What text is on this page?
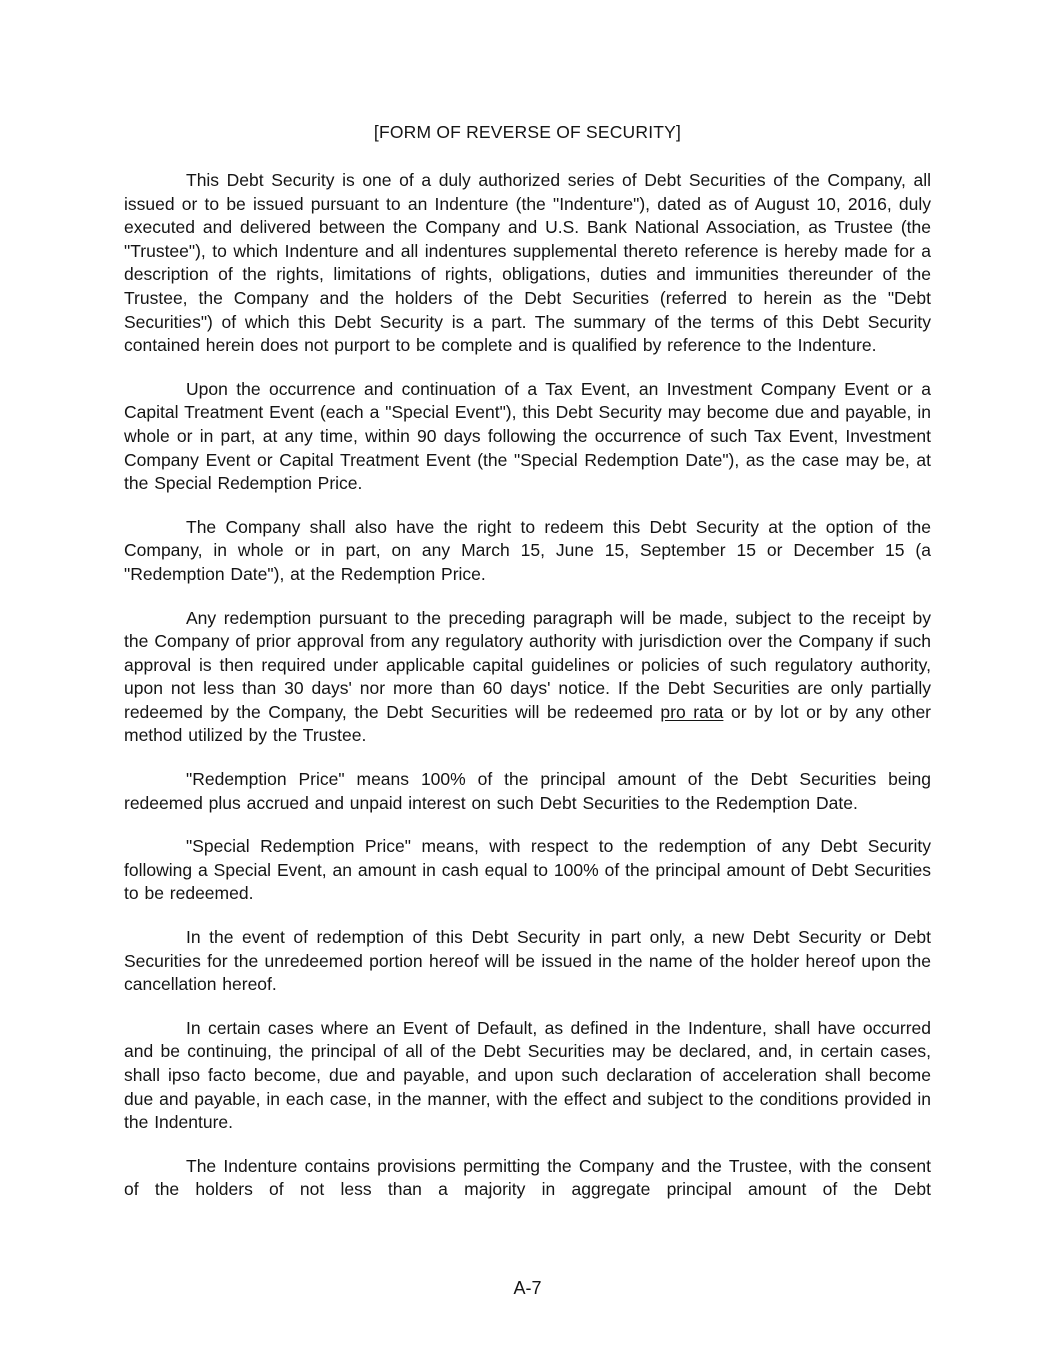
[FORM OF REVERSE OF SECURITY]

This Debt Security is one of a duly authorized series of Debt Securities of the Company, all issued or to be issued pursuant to an Indenture (the "Indenture"), dated as of August 10, 2016, duly executed and delivered between the Company and U.S. Bank National Association, as Trustee (the "Trustee"), to which Indenture and all indentures supplemental thereto reference is hereby made for a description of the rights, limitations of rights, obligations, duties and immunities thereunder of the Trustee, the Company and the holders of the Debt Securities (referred to herein as the "Debt Securities") of which this Debt Security is a part. The summary of the terms of this Debt Security contained herein does not purport to be complete and is qualified by reference to the Indenture.

Upon the occurrence and continuation of a Tax Event, an Investment Company Event or a Capital Treatment Event (each a "Special Event"), this Debt Security may become due and payable, in whole or in part, at any time, within 90 days following the occurrence of such Tax Event, Investment Company Event or Capital Treatment Event (the "Special Redemption Date"), as the case may be, at the Special Redemption Price.

The Company shall also have the right to redeem this Debt Security at the option of the Company, in whole or in part, on any March 15, June 15, September 15 or December 15 (a "Redemption Date"), at the Redemption Price.

Any redemption pursuant to the preceding paragraph will be made, subject to the receipt by the Company of prior approval from any regulatory authority with jurisdiction over the Company if such approval is then required under applicable capital guidelines or policies of such regulatory authority, upon not less than 30 days' nor more than 60 days' notice. If the Debt Securities are only partially redeemed by the Company, the Debt Securities will be redeemed pro rata or by lot or by any other method utilized by the Trustee.

"Redemption Price" means 100% of the principal amount of the Debt Securities being redeemed plus accrued and unpaid interest on such Debt Securities to the Redemption Date.

"Special Redemption Price" means, with respect to the redemption of any Debt Security following a Special Event, an amount in cash equal to 100% of the principal amount of Debt Securities to be redeemed.

In the event of redemption of this Debt Security in part only, a new Debt Security or Debt Securities for the unredeemed portion hereof will be issued in the name of the holder hereof upon the cancellation hereof.

In certain cases where an Event of Default, as defined in the Indenture, shall have occurred and be continuing, the principal of all of the Debt Securities may be declared, and, in certain cases, shall ipso facto become, due and payable, and upon such declaration of acceleration shall become due and payable, in each case, in the manner, with the effect and subject to the conditions provided in the Indenture.

The Indenture contains provisions permitting the Company and the Trustee, with the consent of the holders of not less than a majority in aggregate principal amount of the Debt

A-7
